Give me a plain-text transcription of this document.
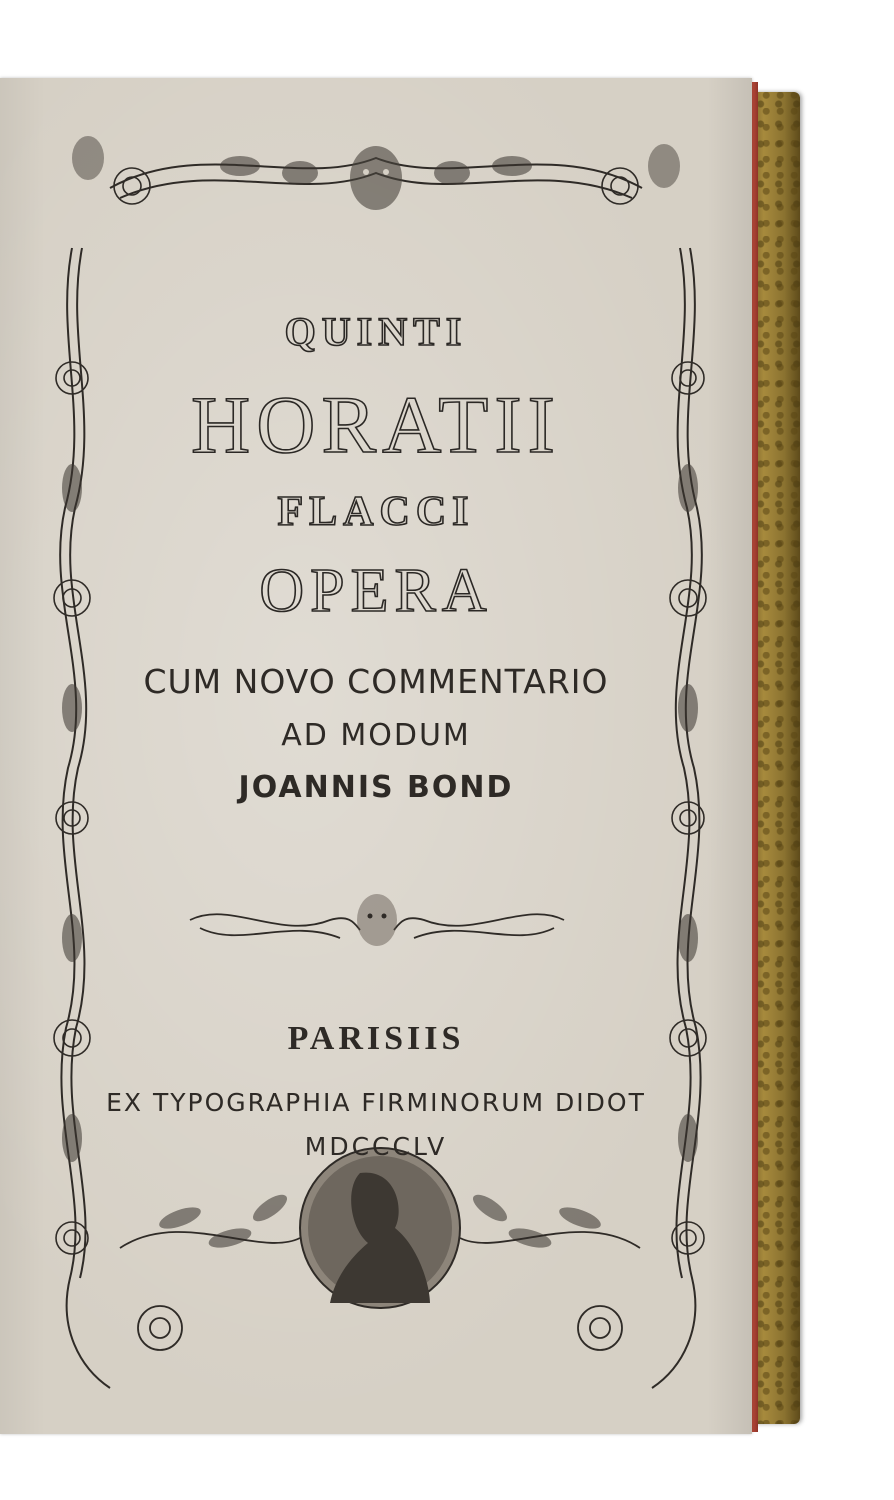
QUINTI
HORATII
FLACCI
OPERA
CUM NOVO COMMENTARIO
AD MODUM
JOANNIS BOND
PARISIIS
EX TYPOGRAPHIA FIRMINORUM DIDOT
MDCCCLV
